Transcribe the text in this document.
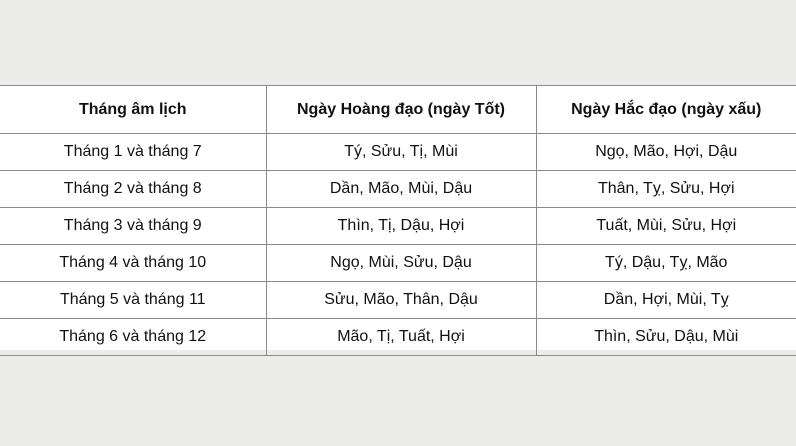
Tháng âm lịch	Ngày Hoàng đạo (ngày Tốt)	Ngày Hắc đạo (ngày xấu)
Tháng 1 và tháng 7	Tý, Sửu, Tị, Mùi	Ngọ, Mão, Hợi, Dậu
Tháng 2 và tháng 8	Dần, Mão, Mùi, Dậu	Thân, Tỵ, Sửu, Hợi
Tháng 3 và tháng 9	Thìn, Tị, Dậu, Hợi	Tuất, Mùi, Sửu, Hợi
Tháng 4 và tháng 10	Ngọ, Mùi, Sửu, Dậu	Tý, Dậu, Tỵ, Mão
Tháng 5 và tháng 11	Sửu, Mão, Thân, Dậu	Dần, Hợi, Mùi, Tỵ
Tháng 6 và tháng 12	Mão, Tị, Tuất, Hợi	Thìn, Sửu, Dậu, Mùi
